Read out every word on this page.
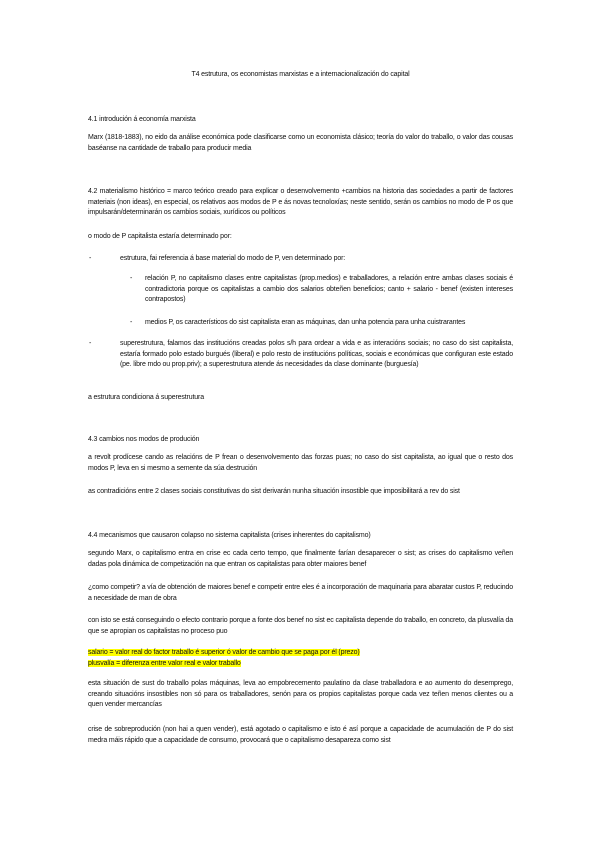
T4 estrutura, os economistas marxistas e a internacionalización do capital

4.1 introdución á economía marxista

Marx (1818-1883), no eido da análise económica pode clasificarse como un economista clásico; teoría do valor do traballo, o valor das cousas baséanse na cantidade de traballo para producir media

4.2 materialismo histórico = marco teórico creado para explicar o desenvolvemento +cambios na historia das sociedades a partir de factores materiais (non ideas), en especial, os relativos aos modos de P e ás novas tecnoloxías; neste sentido, serán os cambios no modo de P os que impulsarán/determinarán os cambios sociais, xurídicos ou políticos

o modo de P capitalista estaría determinado por:

-	estrutura, fai referencia á base material do modo de P, ven determinado por:

- relación P, no capitalismo clases entre capitalistas (prop.medios) e traballadores, a relación entre ambas clases sociais é contradictoria porque os capitalistas a cambio dos salarios obteñen beneficios; canto + salario - benef (existen intereses contrapostos)

- medios P, os característicos do sist capitalista eran as máquinas, dan unha potencia para unha cuistrarantes

-	superestrutura, falamos das institucións creadas polos s/h para ordear a vida e as interacións sociais; no caso do sist capitalista, estaría formado polo estado burgués (liberal) e polo resto de institucións políticas, sociais e económicas que configuran este estado (pe. libre mdo ou prop.priv); a superestrutura atende ás necesidades da clase dominante (burguesía)

a estrutura condiciona á superestrutura

4.3 cambios nos modos de produción

a revolt prodícese cando as relacións de P frean o desenvolvemento das forzas puas; no caso do sist capitalista, ao igual que o resto dos modos P, leva en si mesmo a semente da súa destrución

as contradicións entre 2 clases sociais constitutivas do sist derivarán nunha situación insostible que imposibilitará a rev do sist

4.4 mecanismos que causaron colapso no sistema capitalista (crises inherentes do capitalismo)

segundo Marx, o capitalismo entra en crise ec cada certo tempo, que finalmente farían desaparecer o sist; as crises do capitalismo veñen dadas pola dinámica de competización na que entran os capitalistas para obter maiores benef

¿como competir? a vía de obtención de maiores benef e competir entre eles é a incorporación de maquinaria para abaratar custos P, reducindo a necesidade de man de obra

con isto se está conseguindo o efecto contrario porque a fonte dos benef no sist ec capitalista depende do traballo, en concreto, da plusvalía da que se apropian os capitalistas no proceso puo

salario = valor real do factor traballo é superior ó valor de cambio que se paga por él (prezo)

plusvalía = diferenza entre valor real e valor traballo

esta situación de sust do traballo polas máquinas, leva ao empobrecemento paulatino da clase traballadora e ao aumento do desemprego, creando situacións insostibles non só para os traballadores, senón para os propios capitalistas porque cada vez teñen menos clientes ou a quen vender mercancías

crise de sobreprodución (non hai a quen vender), está agotado o capitalismo e isto é así porque a capacidade de acumulación de P do sist medra máis rápido que a capacidade de consumo, provocará que o capitalismo desapareza como sist
